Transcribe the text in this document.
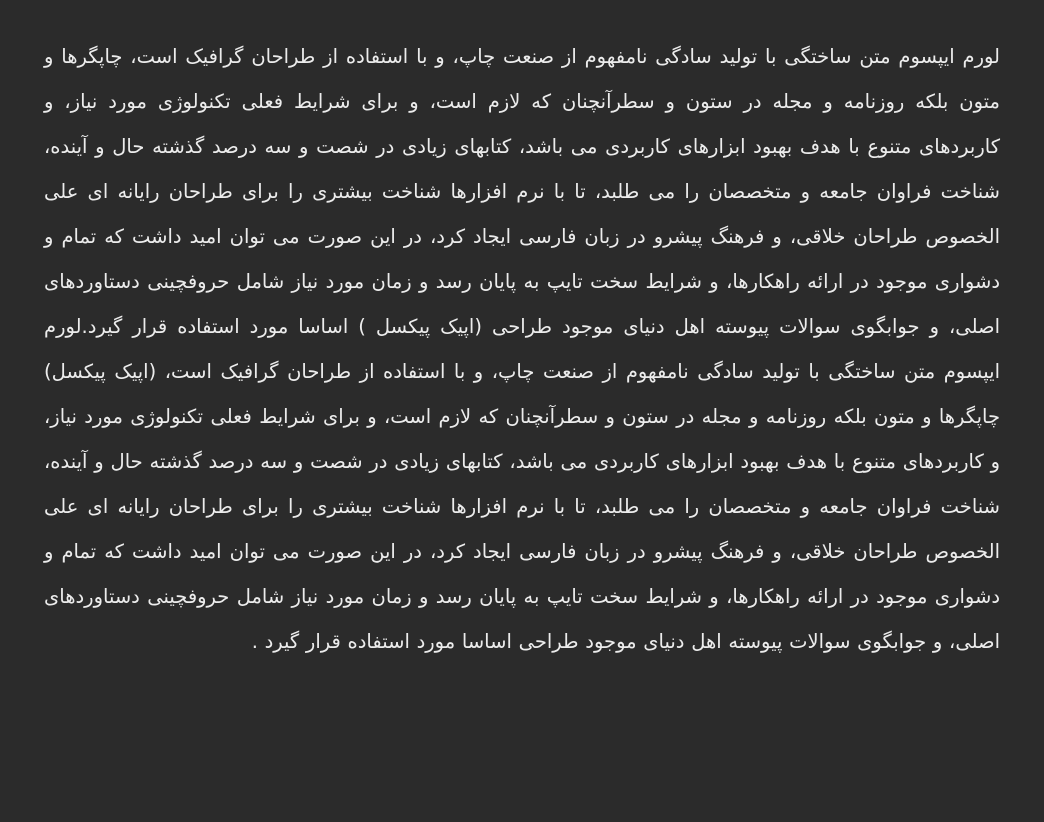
لورم ایپسوم متن ساختگی با تولید سادگی نامفهوم از صنعت چاپ، و با استفاده از طراحان گرافیک است، چاپگرها و متون بلکه روزنامه و مجله در ستون و سطرآنچنان که لازم است، و برای شرایط فعلی تکنولوژی مورد نیاز، و کاربردهای متنوع با هدف بهبود ابزارهای کاربردی می باشد، کتابهای زیادی در شصت و سه درصد گذشته حال و آینده، شناخت فراوان جامعه و متخصصان را می طلبد، تا با نرم افزارها شناخت بیشتری را برای طراحان رایانه ای علی الخصوص طراحان خلاقی، و فرهنگ پیشرو در زبان فارسی ایجاد کرد، در این صورت می توان امید داشت که تمام و دشواری موجود در ارائه راهکارها، و شرایط سخت تایپ به پایان رسد و زمان مورد نیاز شامل حروفچینی دستاوردهای اصلی، و جوابگوی سوالات پیوسته اهل دنیای موجود طراحی (اپیک پیکسل ) اساسا مورد استفاده قرار گیرد.لورم ایپسوم متن ساختگی با تولید سادگی نامفهوم از صنعت چاپ، و با استفاده از طراحان گرافیک است، (اپیک پیکسل) چاپگرها و متون بلکه روزنامه و مجله در ستون و سطرآنچنان که لازم است، و برای شرایط فعلی تکنولوژی مورد نیاز، و کاربردهای متنوع با هدف بهبود ابزارهای کاربردی می باشد، کتابهای زیادی در شصت و سه درصد گذشته حال و آینده، شناخت فراوان جامعه و متخصصان را می طلبد، تا با نرم افزارها شناخت بیشتری را برای طراحان رایانه ای علی الخصوص طراحان خلاقی، و فرهنگ پیشرو در زبان فارسی ایجاد کرد، در این صورت می توان امید داشت که تمام و دشواری موجود در ارائه راهکارها، و شرایط سخت تایپ به پایان رسد و زمان مورد نیاز شامل حروفچینی دستاوردهای اصلی، و جوابگوی سوالات پیوسته اهل دنیای موجود طراحی اساسا مورد استفاده قرار گیرد .
